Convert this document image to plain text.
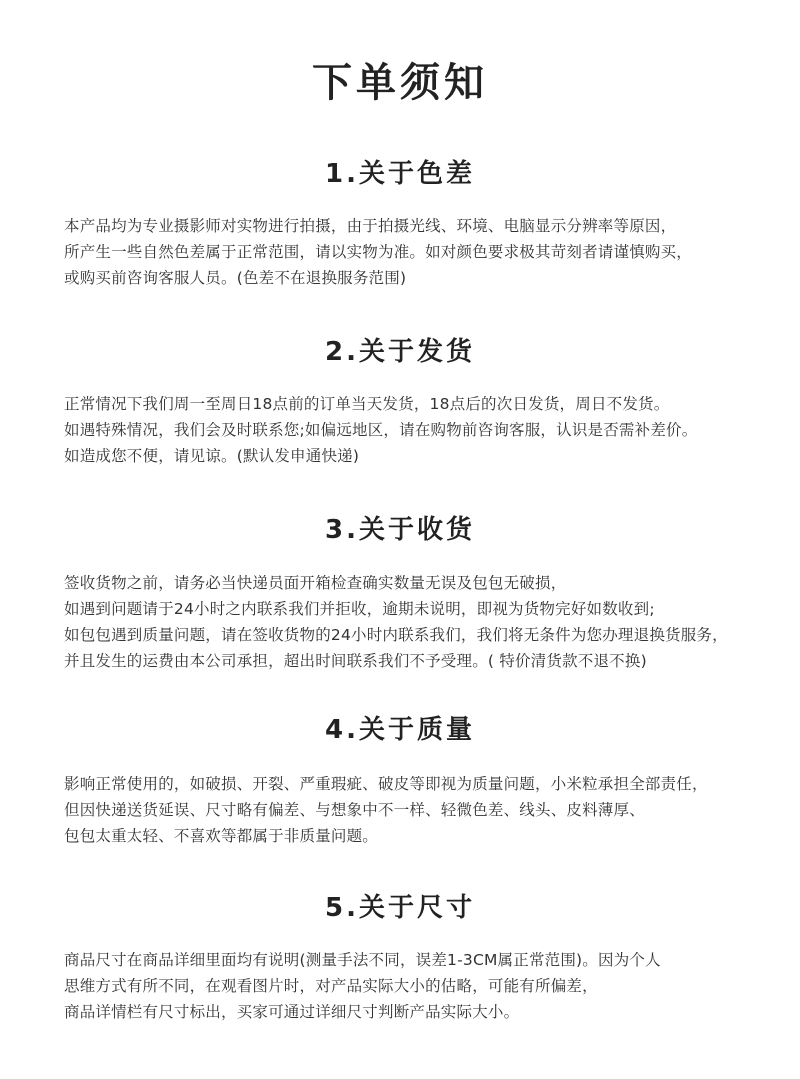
下单须知
1.关于色差
本产品均为专业摄影师对实物进行拍摄，由于拍摄光线、环境、电脑显示分辨率等原因，
所产生一些自然色差属于正常范围，请以实物为准。如对颜色要求极其苛刻者请谨慎购买，
或购买前咨询客服人员。(色差不在退换服务范围)
2.关于发货
正常情况下我们周一至周日18点前的订单当天发货，18点后的次日发货，周日不发货。
如遇特殊情况，我们会及时联系您;如偏远地区，请在购物前咨询客服，认识是否需补差价。
如造成您不便，请见谅。(默认发申通快递)
3.关于收货
签收货物之前，请务必当快递员面开箱检查确实数量无误及包包无破损，
如遇到问题请于24小时之内联系我们并拒收，逾期未说明，即视为货物完好如数收到;
如包包遇到质量问题，请在签收货物的24小时内联系我们，我们将无条件为您办理退换货服务，
并且发生的运费由本公司承担，超出时间联系我们不予受理。( 特价清货款不退不换)
4.关于质量
影响正常使用的，如破损、开裂、严重瑕疵、破皮等即视为质量问题，小米粒承担全部责任，
但因快递送货延误、尺寸略有偏差、与想象中不一样、轻微色差、线头、皮料薄厚、
包包太重太轻、不喜欢等都属于非质量问题。
5.关于尺寸
商品尺寸在商品详细里面均有说明(测量手法不同，误差1-3CM属正常范围)。因为个人
思维方式有所不同，在观看图片时，对产品实际大小的估略，可能有所偏差，
商品详情栏有尺寸标出，买家可通过详细尺寸判断产品实际大小。
